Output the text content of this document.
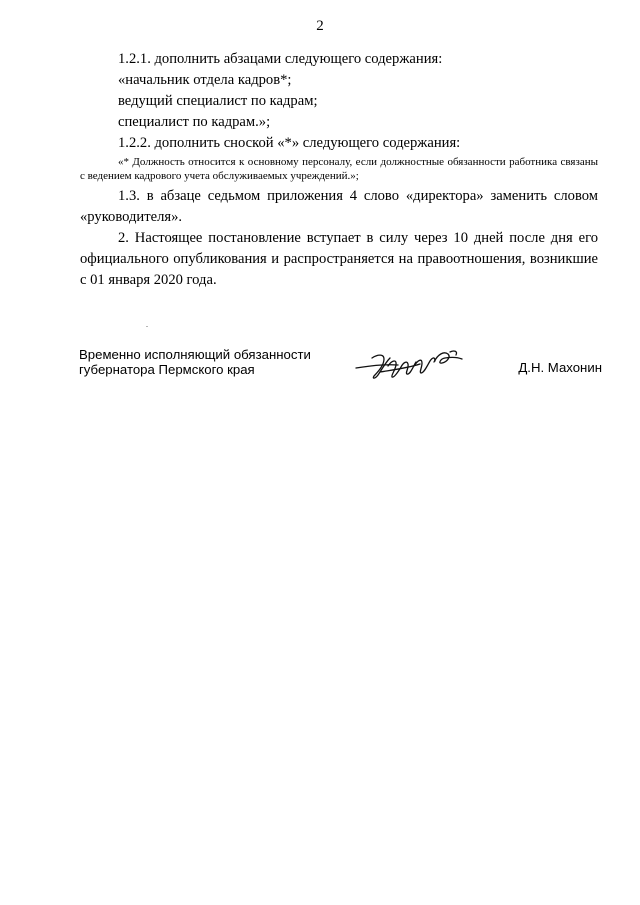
2

1.2.1. дополнить абзацами следующего содержания:

«начальник отдела кадров*;

ведущий специалист по кадрам;

специалист по кадрам.»;

1.2.2. дополнить сноской «*» следующего содержания:

«* Должность относится к основному персоналу, если должностные обязанности работника связаны с ведением кадрового учета обслуживаемых учреждений.»;

1.3. в абзаце седьмом приложения 4 слово «директора» заменить словом «руководителя».

2. Настоящее постановление вступает в силу через 10 дней после дня его официального опубликования и распространяется на правоотношения, возникшие с 01 января 2020 года.

Временно исполняющий обязанности
губернатора Пермского края	Д.Н. Махонин
